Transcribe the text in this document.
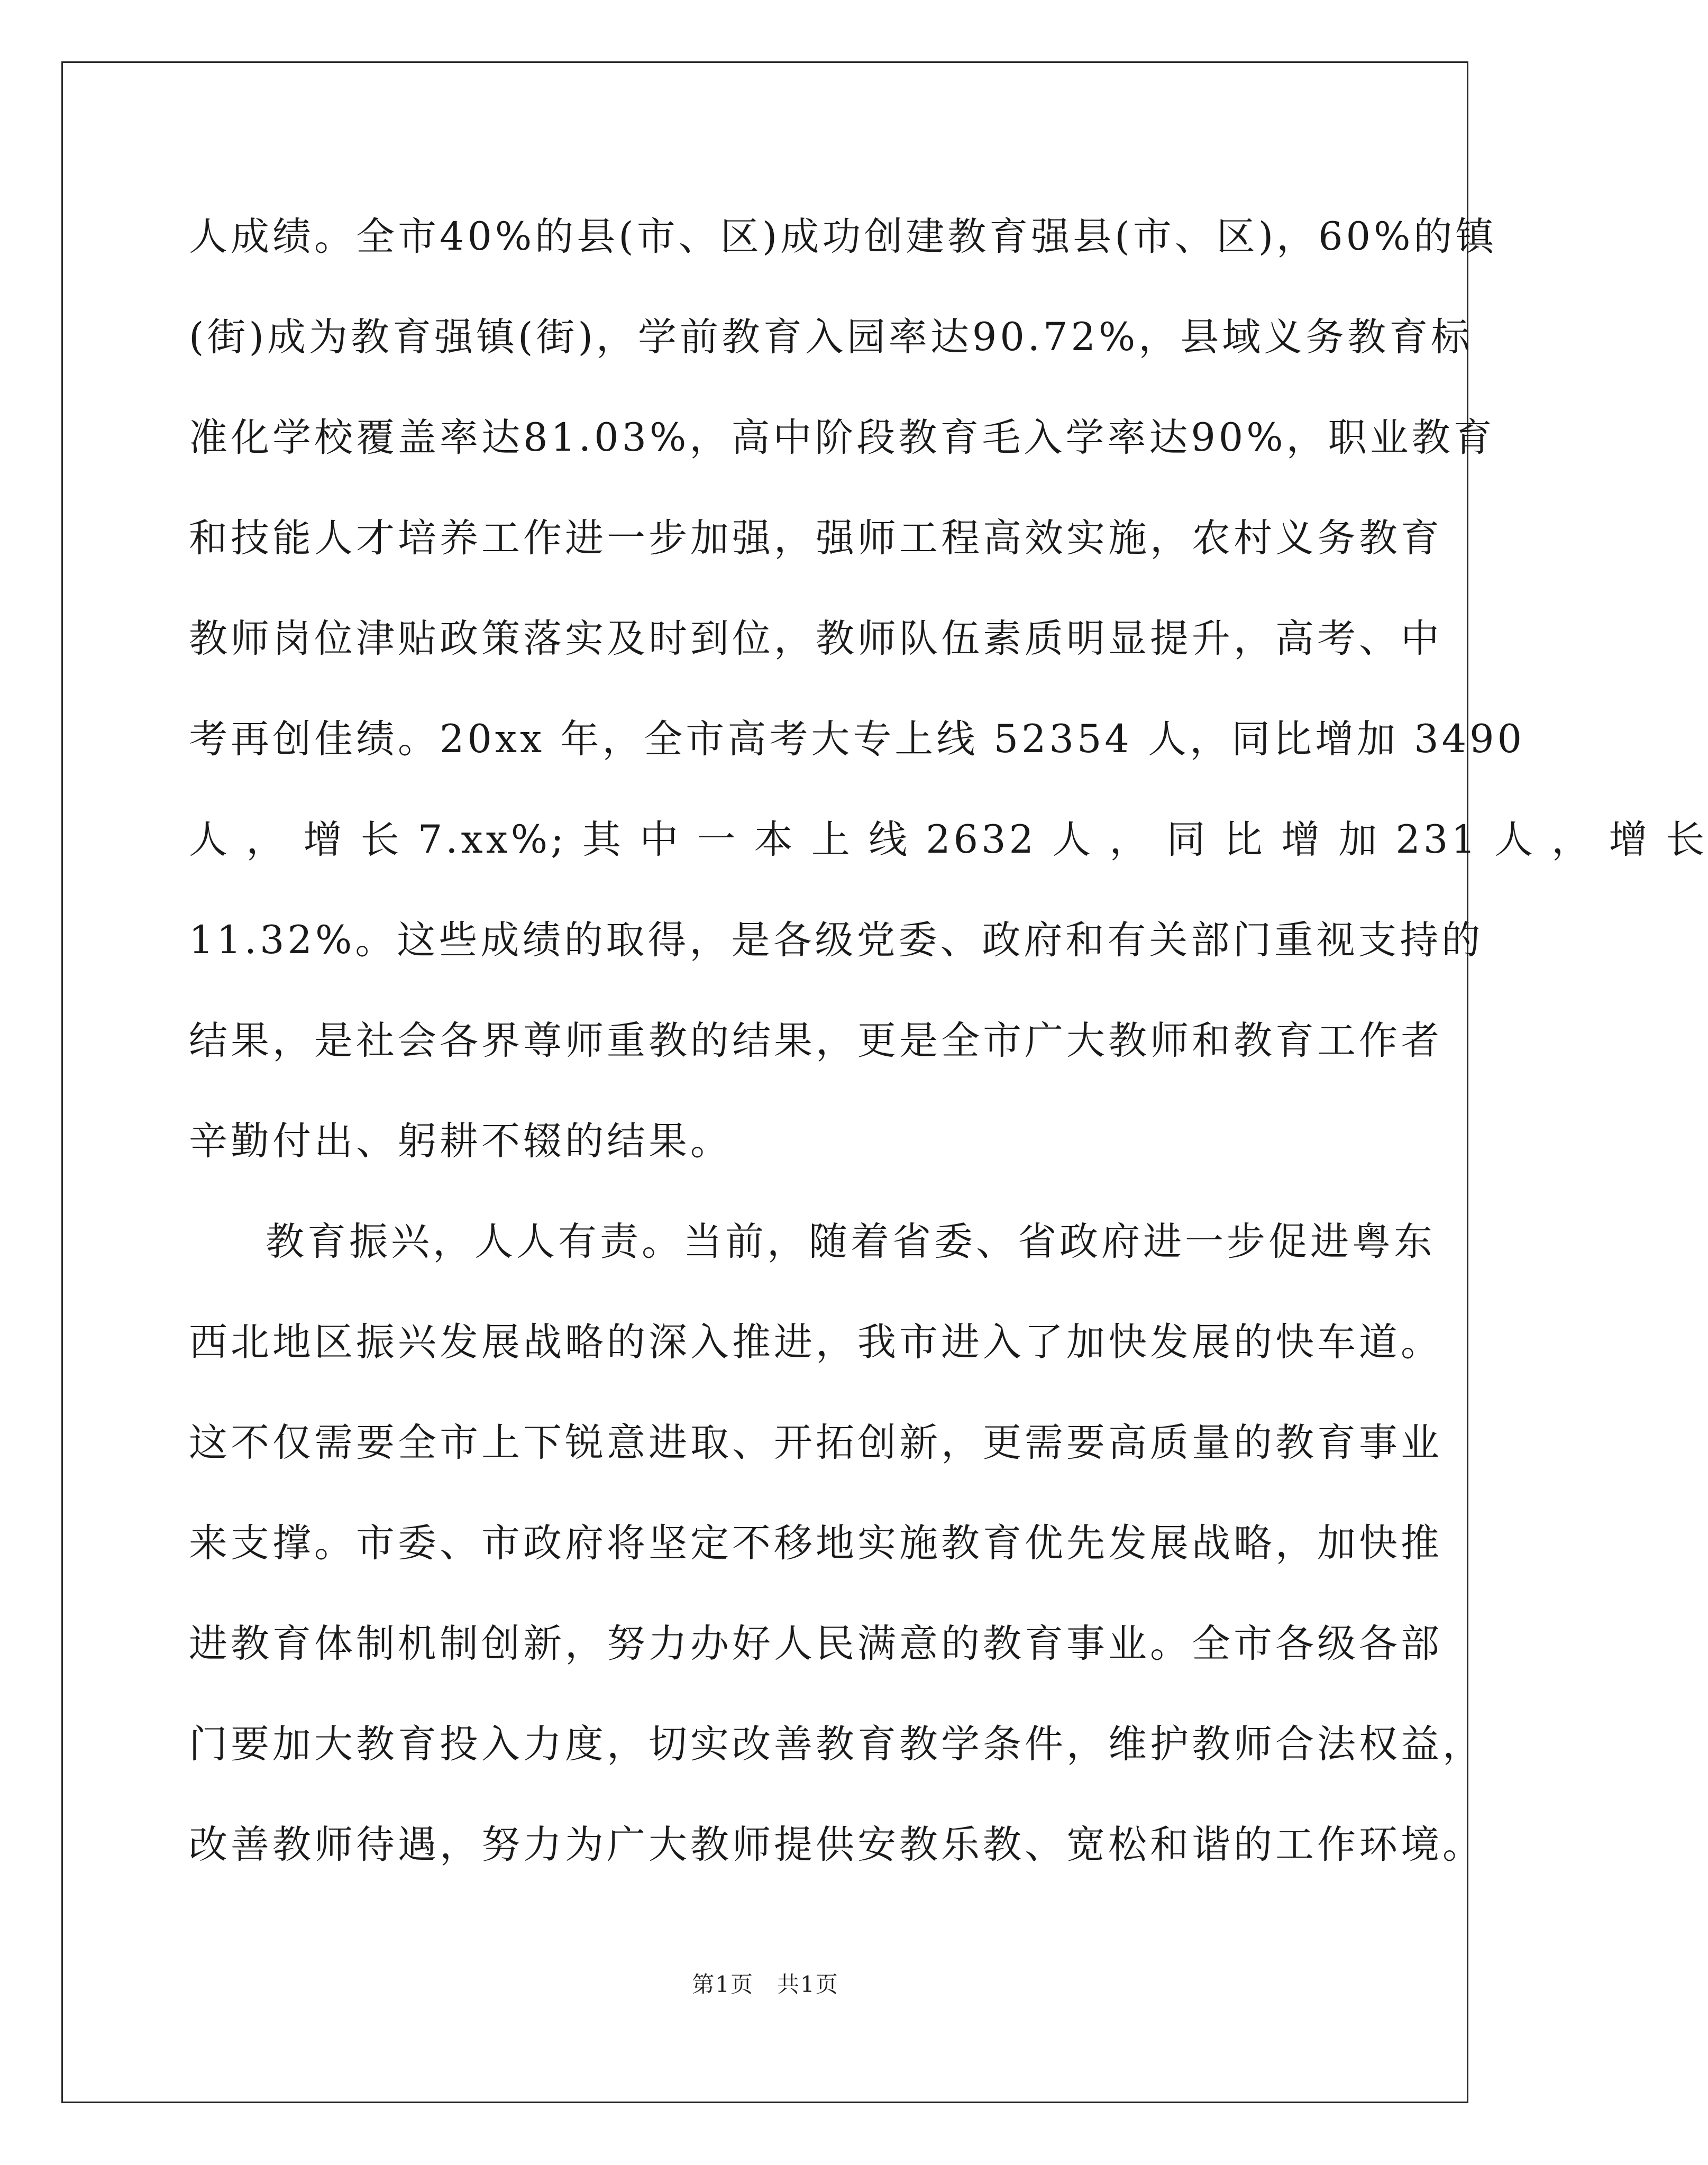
人成绩。全市40%的县(市、区)成功创建教育强县(市、区)，60%的镇
(街)成为教育强镇(街)，学前教育入园率达90.72%，县域义务教育标
准化学校覆盖率达81.03%，高中阶段教育毛入学率达90%，职业教育
和技能人才培养工作进一步加强，强师工程高效实施，农村义务教育
教师岗位津贴政策落实及时到位，教师队伍素质明显提升，高考、中
考再创佳绩。20xx 年，全市高考大专上线 52354 人，同比增加 3490
人 ， 增 长 7.xx%; 其 中 一 本 上 线 2632 人 ， 同 比 增 加 231 人 ， 增 长
11.32%。这些成绩的取得，是各级党委、政府和有关部门重视支持的
结果，是社会各界尊师重教的结果，更是全市广大教师和教育工作者
辛勤付出、躬耕不辍的结果。
教育振兴，人人有责。当前，随着省委、省政府进一步促进粤东
西北地区振兴发展战略的深入推进，我市进入了加快发展的快车道。
这不仅需要全市上下锐意进取、开拓创新，更需要高质量的教育事业
来支撑。市委、市政府将坚定不移地实施教育优先发展战略，加快推
进教育体制机制创新，努力办好人民满意的教育事业。全市各级各部
门要加大教育投入力度，切实改善教育教学条件，维护教师合法权益，
改善教师待遇，努力为广大教师提供安教乐教、宽松和谐的工作环境。
第1页　共1页
